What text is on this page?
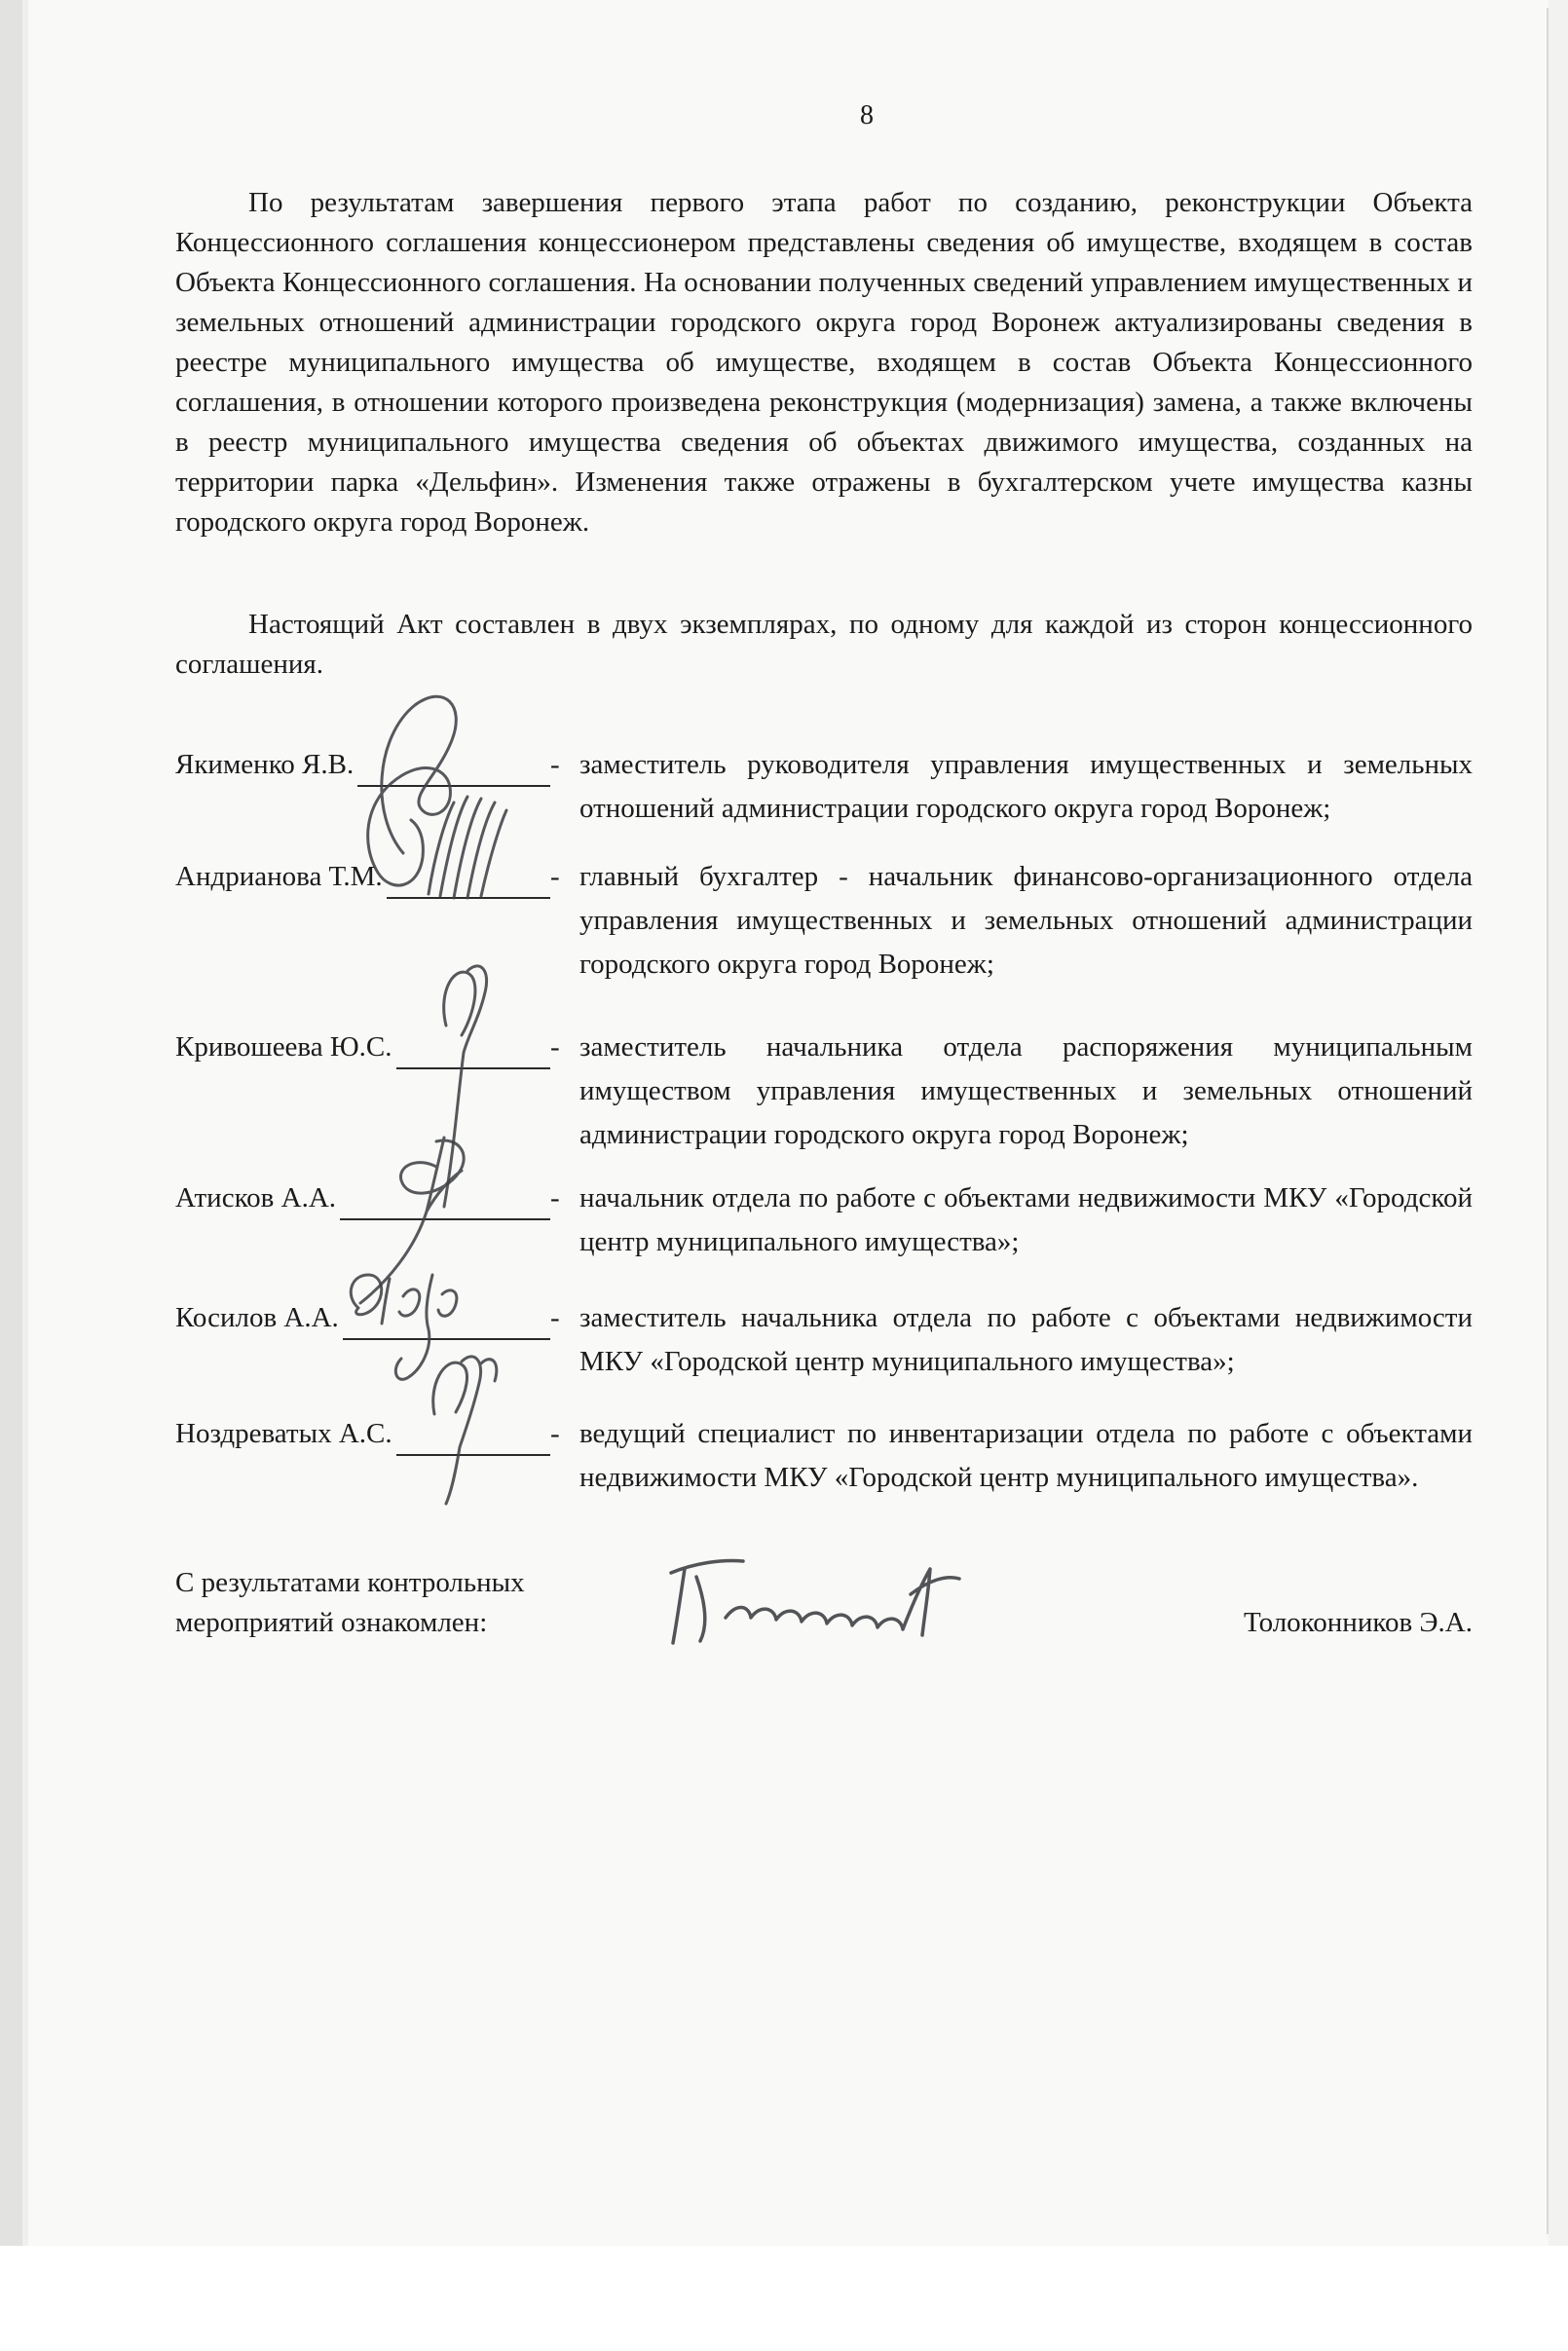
8

По результатам завершения первого этапа работ по созданию, реконструкции Объекта Концессионного соглашения концессионером представлены сведения об имуществе, входящем в состав Объекта Концессионного соглашения. На основании полученных сведений управлением имущественных и земельных отношений администрации городского округа город Воронеж актуализированы сведения в реестре муниципального имущества об имуществе, входящем в состав Объекта Концессионного соглашения, в отношении которого произведена реконструкция (модернизация) замена, а также включены в реестр муниципального имущества сведения об объектах движимого имущества, созданных на территории парка «Дельфин». Изменения также отражены в бухгалтерском учете имущества казны городского округа город Воронеж.

Настоящий Акт составлен в двух экземплярах, по одному для каждой из сторон концессионного соглашения.

Якименко Я.В.	- заместитель руководителя управления имущественных и земельных отношений администрации городского округа город Воронеж;
Андрианова Т.М.	- главный бухгалтер - начальник финансово-организационного отдела управления имущественных и земельных отношений администрации городского округа город Воронеж;
Кривошеева Ю.С.	- заместитель начальника отдела распоряжения муниципальным имуществом управления имущественных и земельных отношений администрации городского округа город Воронеж;
Атисков А.А.	- начальник отдела по работе с объектами недвижимости МКУ «Городской центр муниципального имущества»;
Косилов А.А.	- заместитель начальника отдела по работе с объектами недвижимости МКУ «Городской центр муниципального имущества»;
Ноздреватых А.С.	- ведущий специалист по инвентаризации отдела по работе с объектами недвижимости МКУ «Городской центр муниципального имущества».
С результатами контрольных мероприятий ознакомлен:	Толоконников Э.А.
